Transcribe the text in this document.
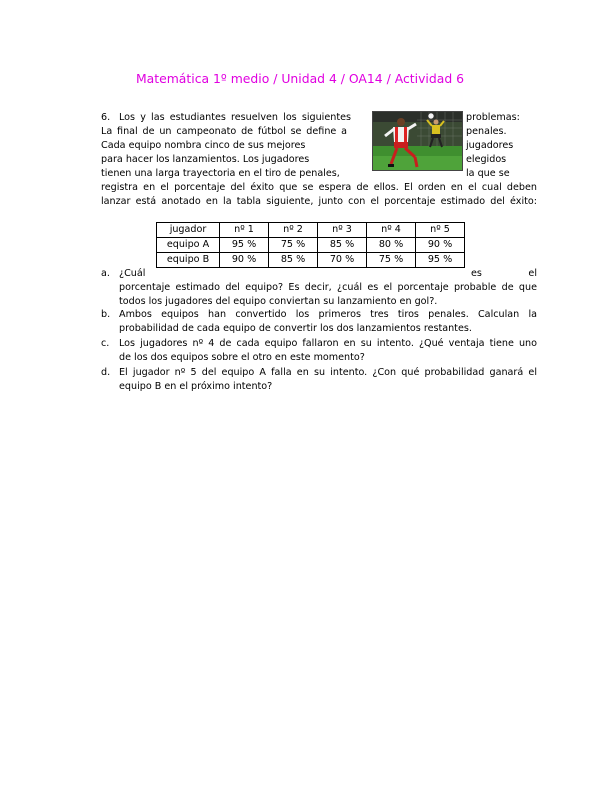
Matemática 1º medio / Unidad 4 / OA14 / Actividad 6
6. Los y las estudiantes resuelven los siguientes
La final de un campeonato de fútbol se define a
Cada equipo nombra cinco de sus mejores
para hacer los lanzamientos. Los jugadores
tienen una larga trayectoria en el tiro de penales,
problemas:
penales.
jugadores
elegidos
la que se
registra en el porcentaje del éxito que se espera de ellos. El orden en el cual deben
lanzar está anotado en la tabla siguiente, junto con el porcentaje estimado del éxito:
jugador	nº 1	nº 2	nº 3	nº 4	nº 5
equipo A	95 %	75 %	85 %	80 %	90 %
equipo B	90 %	85 %	70 %	75 %	95 %
a. ¿Cuál	es	el
porcentaje estimado del equipo? Es decir, ¿cuál es el porcentaje probable de que
todos los jugadores del equipo conviertan su lanzamiento en gol?.
b. Ambos equipos han convertido los primeros tres tiros penales. Calculan la
probabilidad de cada equipo de convertir los dos lanzamientos restantes.
c. Los jugadores nº 4 de cada equipo fallaron en su intento. ¿Qué ventaja tiene uno
de los dos equipos sobre el otro en este momento?
d. El jugador nº 5 del equipo A falla en su intento. ¿Con qué probabilidad ganará el
equipo B en el próximo intento?
